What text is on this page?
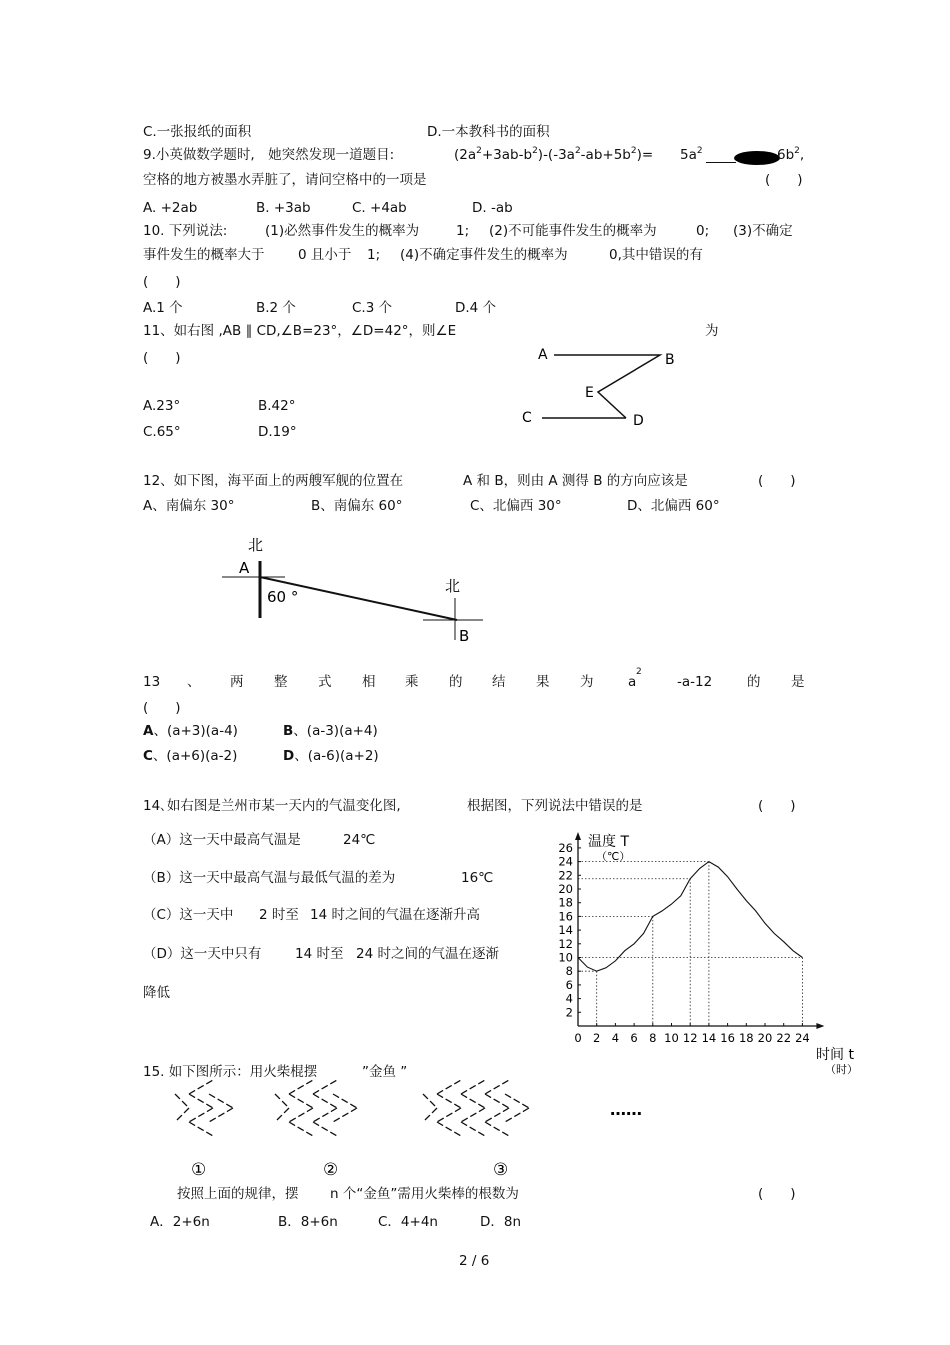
C.一张报纸的面积	D.一本教科书的面积
9.小英做数学题时,　她突然发现一道题目:	$(2a^2+3ab-b^2)-(-3a^2-ab+5b^2)= 5a^2$	$6b^2$,
空格的地方被墨水弄脏了，请问空格中的一项是	(　　)
A. +2ab	B. +3ab	C. +4ab	D. -ab
10. 下列说法:	(1)必然事件发生的概率为	1; (2)不可能事件发生的概率为	0; (3)不确定
事件发生的概率大于 0 且小于 1; (4)不确定事件发生的概率为	0,其中错误的有
(　　)
A.1 个	B.2 个	C.3 个	D.4 个
11、如右图 ,AB ∥ CD,∠B=23°，∠D=42°，则∠E	为
(　　)
A.23°	B.42°
C.65°	D.19°
A	B
E
C	D
12、如下图，海平面上的两艘军舰的位置在	A 和 B，则由 A 测得 B 的方向应该是	(　　)
A、南偏东 30°	B、南偏东 60°	C、北偏西 30°	D、北偏西 60°
北
A
60 °
北
B
13 、 两 整 式 相 乘 的 结 果 为	a
2
-a-12	的 是
(　　)
A、(a+3)(a-4)	B、(a-3)(a+4)
C、(a+6)(a-2)	D、(a-6)(a+2)
14､如右图是兰州市某一天内的气温变化图,	根据图，下列说法中错误的是	(　　)
（A）这一天中最高气温是	24℃
（B）这一天中最高气温与最低气温的差为	16℃
（C）这一天中 2 时至 14 时之间的气温在逐渐升高
（D）这一天中只有 14 时至 24 时之间的气温在逐渐
降低
0 2 4 6 8 10 12 14 16 18 20 22 24
2
4
6
8
10
12
14
16
18
20
22
24
26 温度 T
（℃）
时间 t
（时）
15. 如下图所示：用火柴棍摆	”金鱼 ”
……
①	②	③
按照上面的规律，摆 n 个“金鱼”需用火柴棒的根数为	(　　)
A．2+6n	B．8+6n	C．4+4n	D．8n
2 / 6
